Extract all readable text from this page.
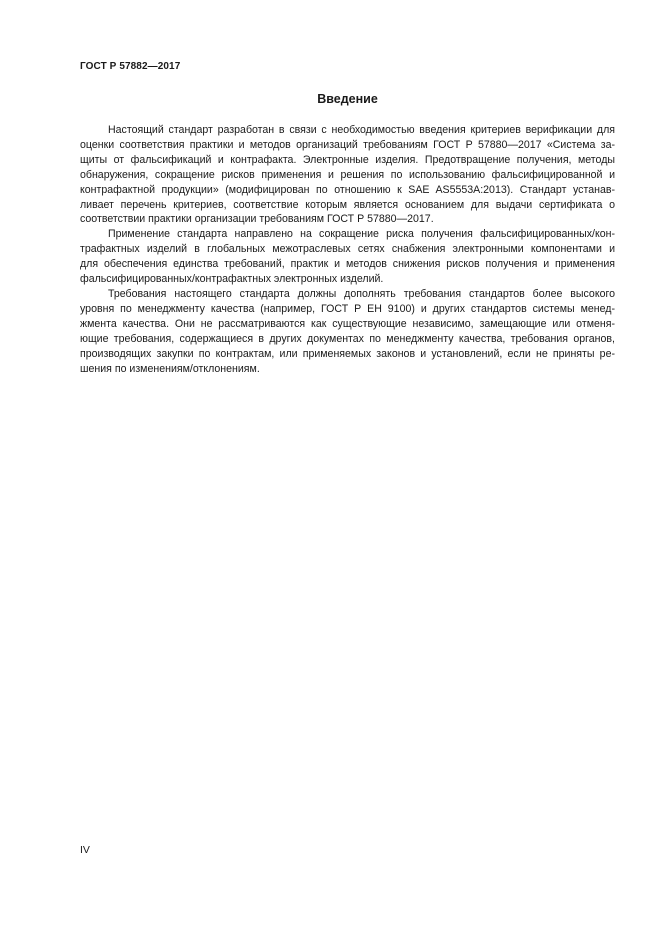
ГОСТ Р 57882—2017
Введение

Настоящий стандарт разработан в связи с необходимостью введения критериев верификации для
оценки соответствия практики и методов организаций требованиям ГОСТ Р 57880—2017 «Система за-
щиты от фальсификаций и контрафакта. Электронные изделия. Предотвращение получения, методы
обнаружения, сокращение рисков применения и решения по использованию фальсифицированной и
контрафактной продукции» (модифицирован по отношению к SAE AS5553A:2013). Стандарт устанав-
ливает перечень критериев, соответствие которым является основанием для выдачи сертификата о
соответствии практики организации требованиям ГОСТ Р 57880—2017.

Применение стандарта направлено на сокращение риска получения фальсифицированных/кон-
трафактных изделий в глобальных межотраслевых сетях снабжения электронными компонентами и
для обеспечения единства требований, практик и методов снижения рисков получения и применения
фальсифицированных/контрафактных электронных изделий.

Требования настоящего стандарта должны дополнять требования стандартов более высокого
уровня по менеджменту качества (например, ГОСТ Р ЕН 9100) и других стандартов системы менед-
жмента качества. Они не рассматриваются как существующие независимо, замещающие или отменя-
ющие требования, содержащиеся в других документах по менеджменту качества, требования органов,
производящих закупки по контрактам, или применяемых законов и установлений, если не приняты ре-
шения по изменениям/отклонениям.

IV
